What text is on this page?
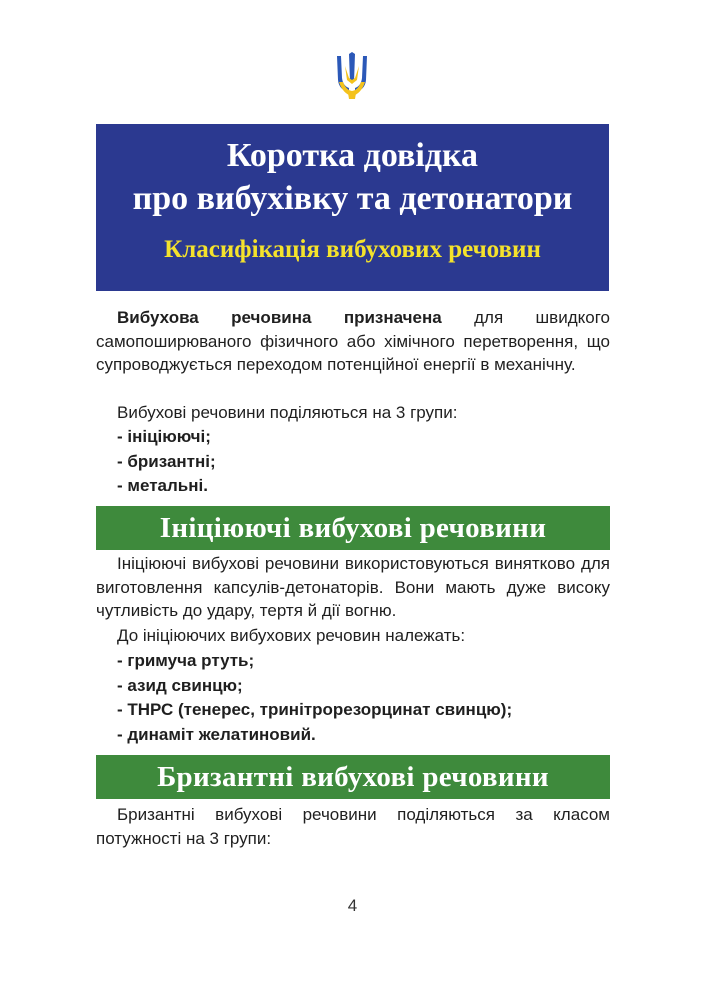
Коротка довідка
про вибухівку та детонатори
Класифікація вибухових речовин

Вибухова речовина призначена для швидкого самопоширюваного фізичного або хімічного перетворення, що супроводжується переходом потенційної енергії в механічну.

Вибухові речовини поділяються на 3 групи:

- ініціюючі;
- бризантні;
- метальні.
Ініціюючі вибухові речовини

Ініціюючі вибухові речовини використовуються винятково для виготовлення капсулів-детонаторів. Вони мають дуже високу чутливість до удару, тертя й дії вогню.

До ініціюючих вибухових речовин належать:

- гримуча ртуть;
- азид свинцю;
- ТНРС (тенерес, тринітрорезорцинат свинцю);
- динаміт желатиновий.
Бризантні вибухові речовини

Бризантні вибухові речовини поділяються за класом потужності на 3 групи:

4
